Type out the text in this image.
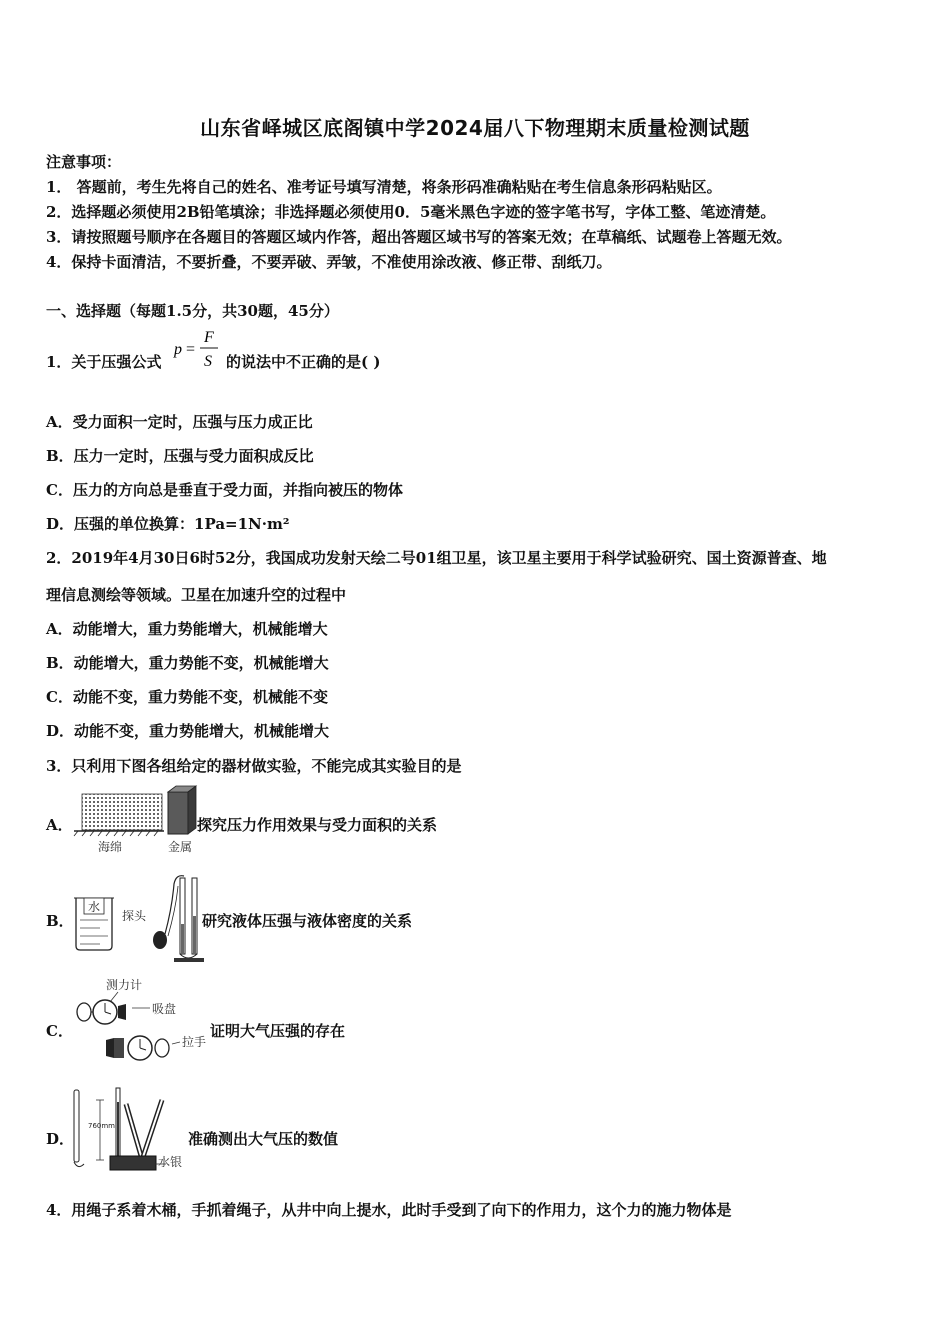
山东省峄城区底阁镇中学2024届八下物理期末质量检测试题
注意事项：
1． 答题前，考生先将自己的姓名、准考证号填写清楚，将条形码准确粘贴在考生信息条形码粘贴区。
2．选择题必须使用2B铅笔填涂；非选择题必须使用0．5毫米黑色字迹的签字笔书写，字体工整、笔迹清楚。
3．请按照题号顺序在各题目的答题区域内作答，超出答题区域书写的答案无效；在草稿纸、试题卷上答题无效。
4．保持卡面清洁，不要折叠，不要弄破、弄皱，不准使用涂改液、修正带、刮纸刀。
一、选择题（每题1.5分，共30题，45分）
1．关于压强公式
p =
F
S 的说法中不正确的是( )
A．受力面积一定时，压强与压力成正比
B．压力一定时，压强与受力面积成反比
C．压力的方向总是垂直于受力面，并指向被压的物体
D．压强的单位换算：1Pa=1N·m²
2．2019年4月30日6时52分，我国成功发射天绘二号01组卫星，该卫星主要用于科学试验研究、国土资源普查、地
理信息测绘等领域。卫星在加速升空的过程中
A．动能增大，重力势能增大，机械能增大
B．动能增大，重力势能不变，机械能增大
C．动能不变，重力势能不变，机械能不变
D．动能不变，重力势能增大，机械能增大
3．只利用下图各组给定的器材做实验，不能完成其实验目的是
A．
海绵	金属
探究压力作用效果与受力面积的关系
B．
水
探头	研究液体压强与液体密度的关系
C．
测力计
吸盘
拉手
证明大气压强的存在
D．
760mm
水银
准确测出大气压的数值
4．用绳子系着木桶，手抓着绳子，从井中向上提水，此时手受到了向下的作用力，这个力的施力物体是
